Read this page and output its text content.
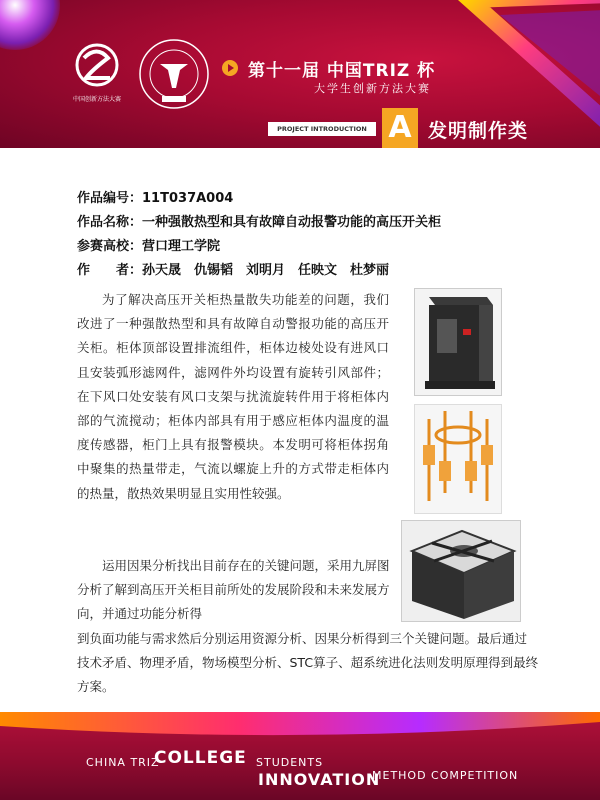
中国创新方法大赛
第十一届 中国TRIZ 杯
大学生创新方法大赛
PROJECT INTRODUCTION A 发明制作类
作品编号：11T037A004
作品名称：一种强散热型和具有故障自动报警功能的高压开关柜
参赛高校：营口理工学院
作　　者：孙天晟　仇锡韬　刘明月　任映文　杜梦丽
为了解决高压开关柜热量散失功能差的问题，我们改进了一种强散热型和具有故障自动警报功能的高压开关柜。柜体顶部设置排流组件，柜体边棱处设有进风口且安装弧形滤网件，滤网件外均设置有旋转引风部件；在下风口处安装有风口支架与扰流旋转件用于将柜体内部的气流搅动；柜体内部具有用于感应柜体内温度的温度传感器，柜门上具有报警模块。本发明可将柜体拐角中聚集的热量带走，气流以螺旋上升的方式带走柜体内的热量，散热效果明显且实用性较强。
运用因果分析找出目前存在的关键问题，采用九屏图分析了解到高压开关柜目前所处的发展阶段和未来发展方向，并通过功能分析得
到负面功能与需求然后分别运用资源分析、因果分析得到三个关键问题。最后通过技术矛盾、物理矛盾，物场模型分析、STC算子、超系统进化法则发明原理得到最终方案。
CHINA TRIZ
COLLEGE STUDENTS
INNOVATION
METHOD COMPETITION
